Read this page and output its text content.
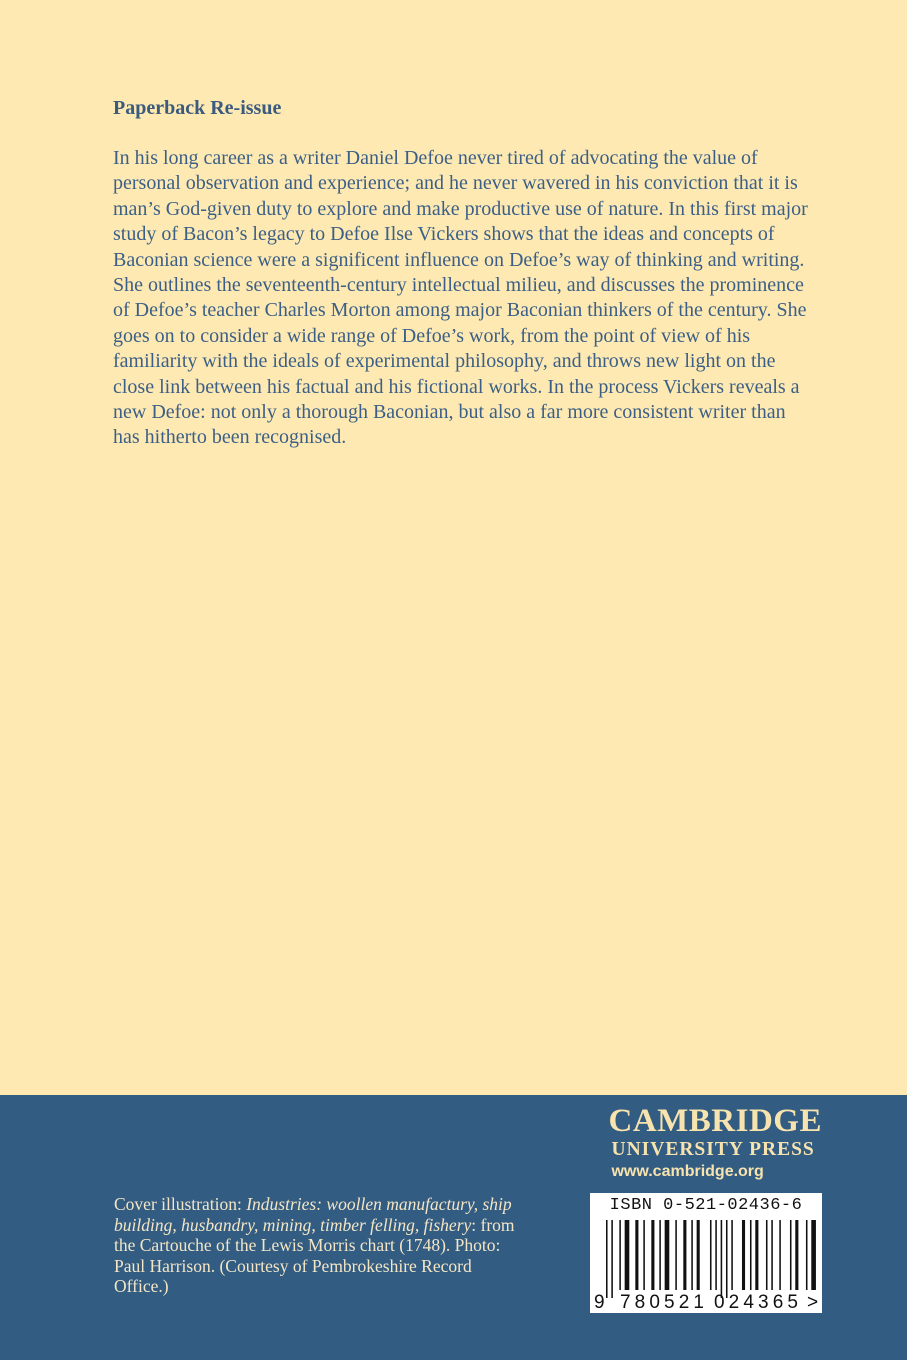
Paperback Re-issue

In his long career as a writer Daniel Defoe never tired of advocating the value of personal observation and experience; and he never wavered in his conviction that it is man’s God-given duty to explore and make productive use of nature. In this first major study of Bacon’s legacy to Defoe Ilse Vickers shows that the ideas and concepts of Baconian science were a significent influence on Defoe’s way of thinking and writing. She outlines the seventeenth-century intellectual milieu, and discusses the prominence of Defoe’s teacher Charles Morton among major Baconian thinkers of the century. She goes on to consider a wide range of Defoe’s work, from the point of view of his familiarity with the ideals of experimental philosophy, and throws new light on the close link between his factual and his fictional works. In the process Vickers reveals a new Defoe: not only a thorough Baconian, but also a far more consistent writer than has hitherto been recognised.

CAMBRIDGE
UNIVERSITY PRESS
www.cambridge.org

Cover illustration: Industries: woollen manufactury, ship building, husbandry, mining, timber felling, fishery: from the Cartouche of the Lewis Morris chart (1748). Photo: Paul Harrison. (Courtesy of Pembrokeshire Record Office.)

ISBN 0-521-02436-6
9 780521 024365 >
